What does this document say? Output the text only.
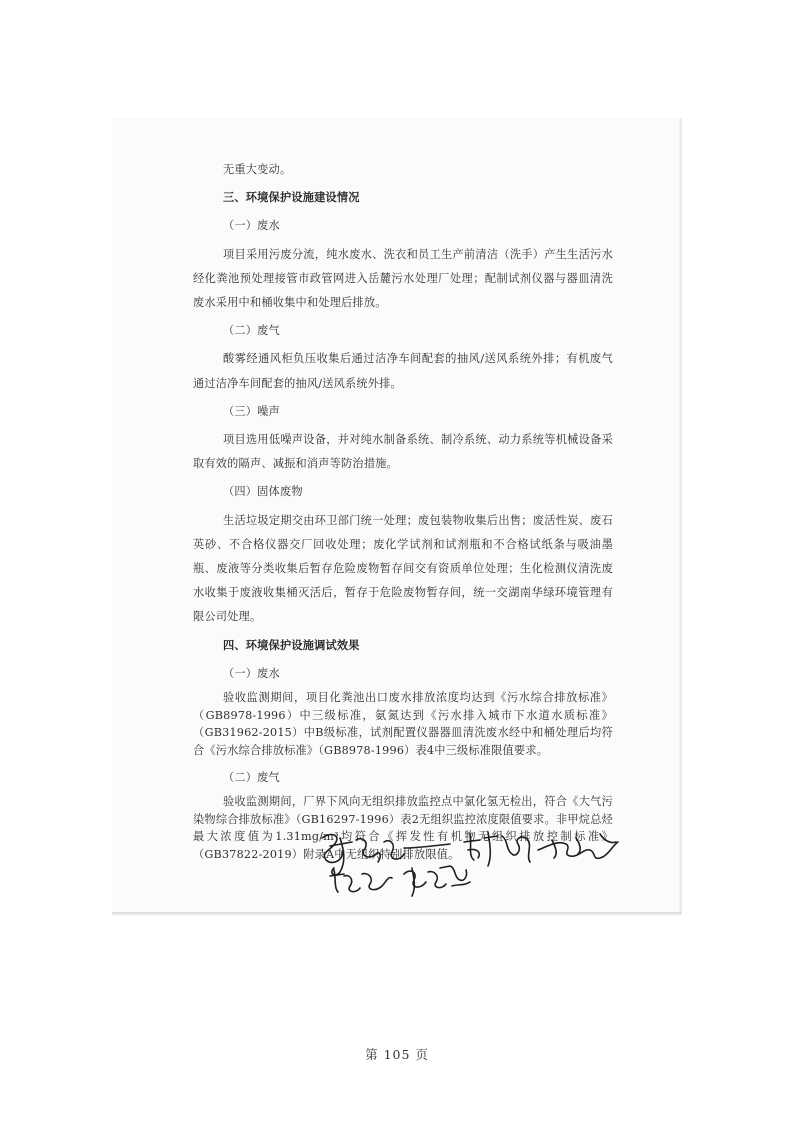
无重大变动。

三、环境保护设施建设情况

（一）废水

项目采用污废分流，纯水废水、洗衣和员工生产前清洁（洗手）产生生活污水经化粪池预处理接管市政管网进入岳麓污水处理厂处理；配制试剂仪器与器皿清洗废水采用中和桶收集中和处理后排放。

（二）废气

酸雾经通风柜负压收集后通过洁净车间配套的抽风/送风系统外排；有机废气通过洁净车间配套的抽风/送风系统外排。

（三）噪声

项目选用低噪声设备，并对纯水制备系统、制冷系统、动力系统等机械设备采取有效的隔声、减振和消声等防治措施。

（四）固体废物

生活垃圾定期交由环卫部门统一处理；废包装物收集后出售；废活性炭、废石英砂、不合格仪器交厂回收处理；废化学试剂和试剂瓶和不合格试纸条与吸油墨瓶、废液等分类收集后暂存危险废物暂存间交有资质单位处理；生化检测仪清洗废水收集于废液收集桶灭活后，暂存于危险废物暂存间，统一交湖南华绿环境管理有限公司处理。

四、环境保护设施调试效果

（一）废水

验收监测期间，项目化粪池出口废水排放浓度均达到《污水综合排放标准》（GB8978-1996）中三级标准，氨氮达到《污水排入城市下水道水质标准》（GB31962-2015）中B级标准，试剂配置仪器器皿清洗废水经中和桶处理后均符合《污水综合排放标准》（GB8978-1996）表4中三级标准限值要求。

（二）废气

验收监测期间，厂界下风向无组织排放监控点中氯化氢无检出，符合《大气污染物综合排放标准》（GB16297-1996）表2无组织监控浓度限值要求。非甲烷总烃最大浓度值为1.31mg/m³均符合《挥发性有机物无组织排放控制标准》（GB37822-2019）附录A中无组织特别排放限值。

第 105 页
